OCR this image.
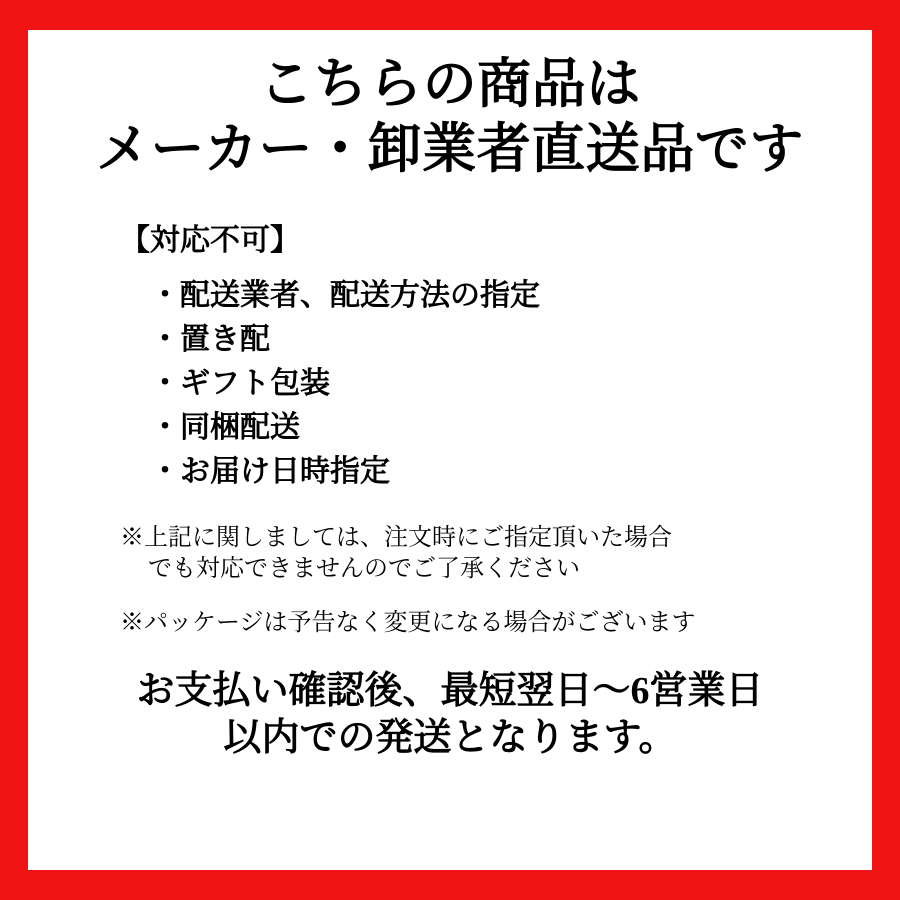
こちらの商品は
メーカー・卸業者直送品です
【対応不可】
・配送業者、配送方法の指定
・置き配
・ギフト包装
・同梱配送
・お届け日時指定
※上記に関しましては、注文時にご指定頂いた場合
でも対応できませんのでご了承ください
※パッケージは予告なく変更になる場合がございます
お支払い確認後、最短翌日〜6営業日
以内での発送となります。
